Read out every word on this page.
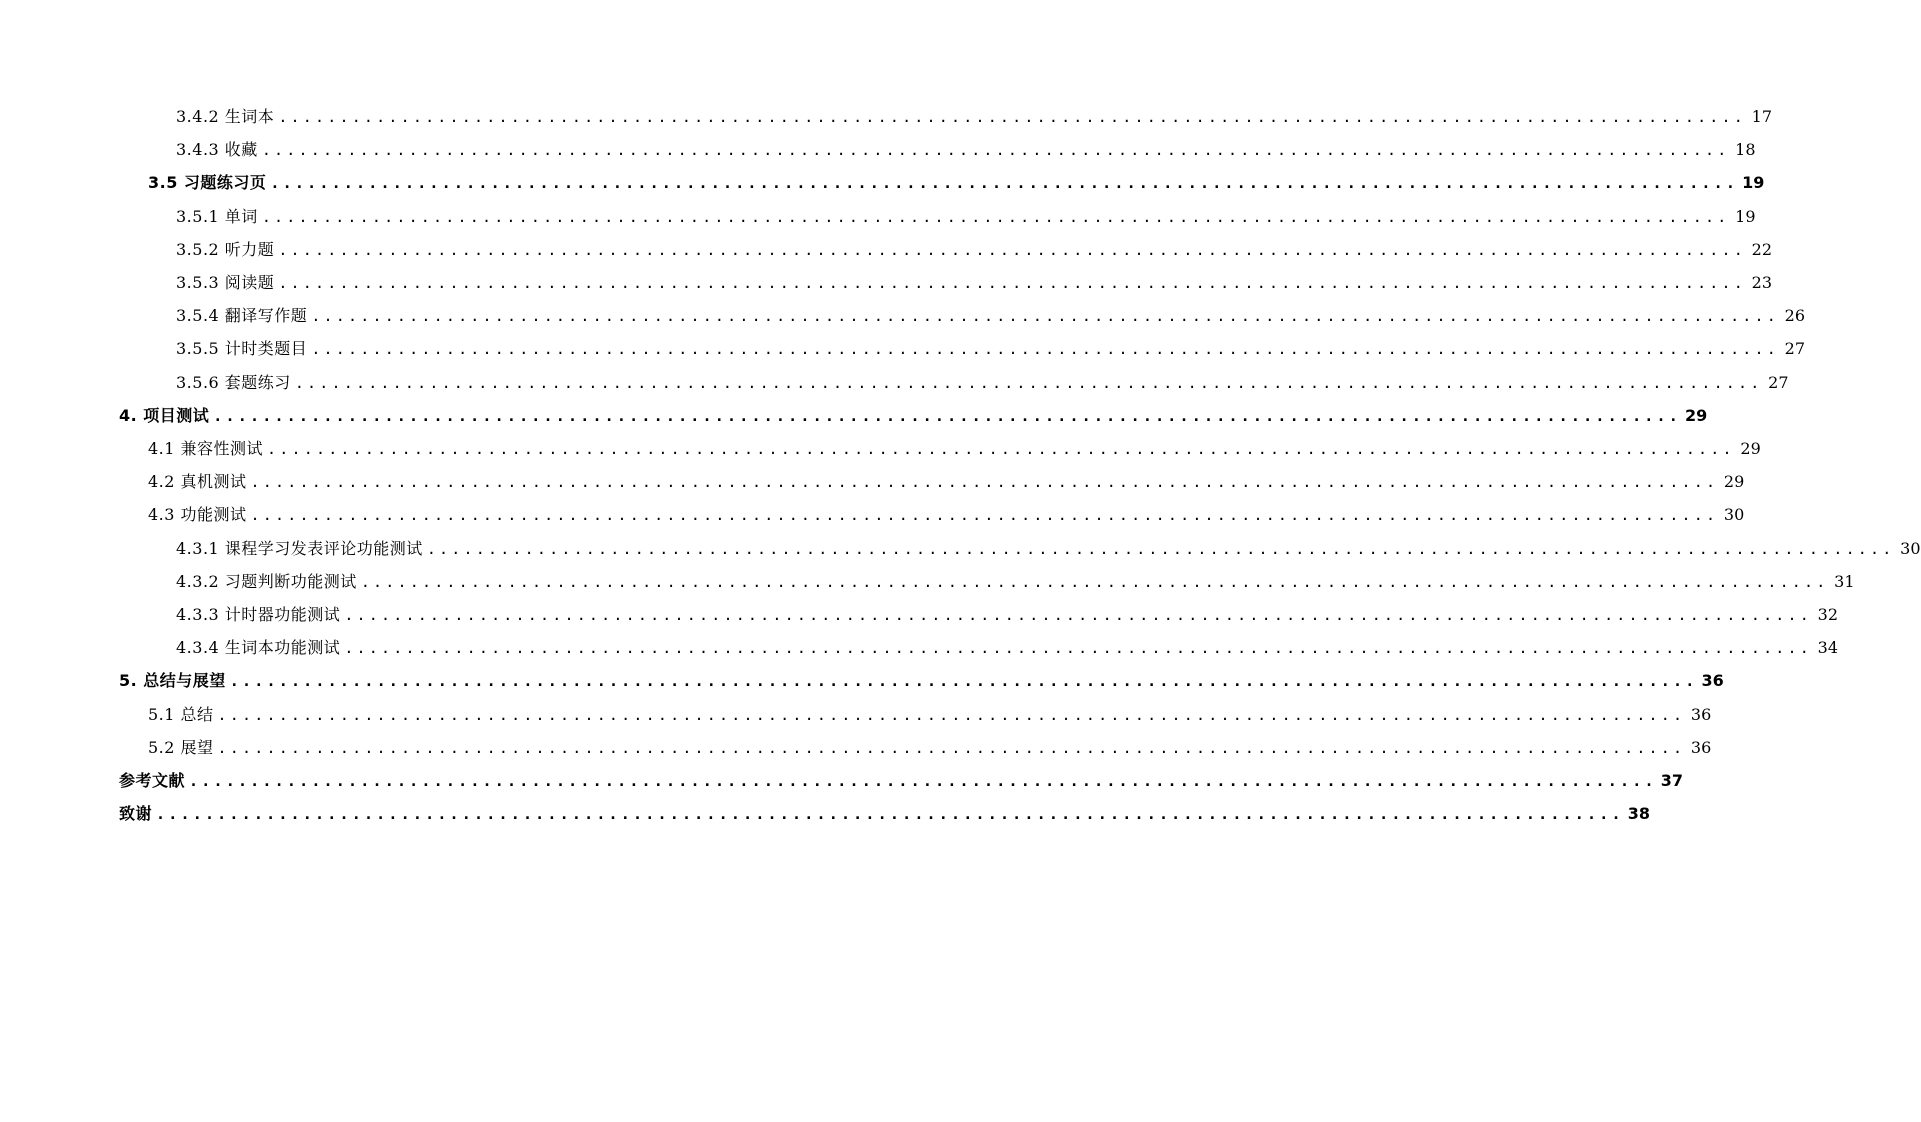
3.4.2 生词本 ........................................................................................................................ 17
3.4.3 收藏 ........................................................................................................................ 18
3.5 习题练习页 ........................................................................................................................ 19
3.5.1 单词 ........................................................................................................................ 19
3.5.2 听力题 ........................................................................................................................ 22
3.5.3 阅读题 ........................................................................................................................ 23
3.5.4 翻译写作题 ........................................................................................................................ 26
3.5.5 计时类题目 ........................................................................................................................ 27
3.5.6 套题练习 ........................................................................................................................ 27
4. 项目测试 ........................................................................................................................ 29
4.1 兼容性测试 ........................................................................................................................ 29
4.2 真机测试 ........................................................................................................................ 29
4.3 功能测试 ........................................................................................................................ 30
4.3.1 课程学习发表评论功能测试 ........................................................................................................................ 30
4.3.2 习题判断功能测试 ........................................................................................................................ 31
4.3.3 计时器功能测试 ........................................................................................................................ 32
4.3.4 生词本功能测试 ........................................................................................................................ 34
5. 总结与展望 ........................................................................................................................ 36
5.1 总结 ........................................................................................................................ 36
5.2 展望 ........................................................................................................................ 36
参考文献 ........................................................................................................................ 37
致谢 ........................................................................................................................ 38
